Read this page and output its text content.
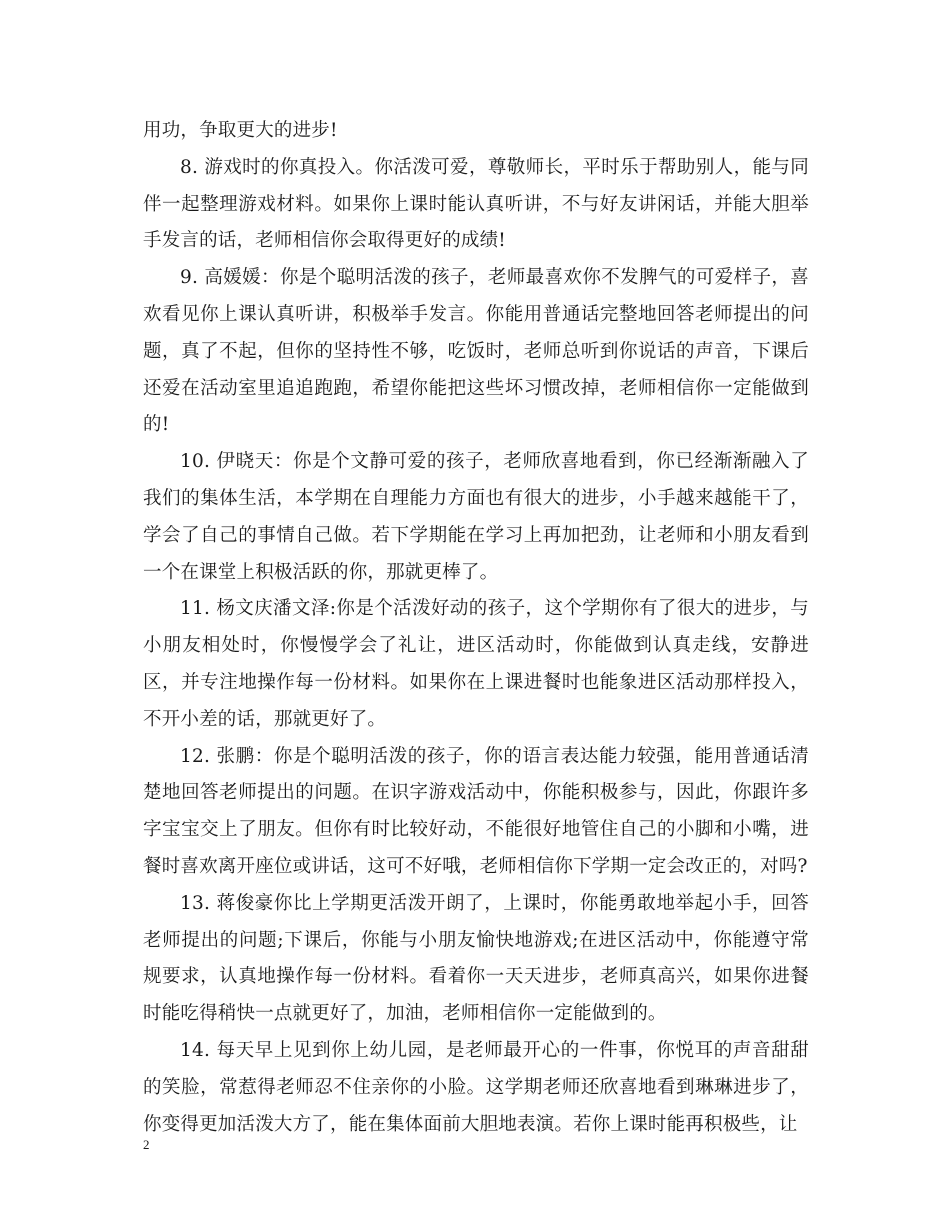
用功，争取更大的进步!

8. 游戏时的你真投入。你活泼可爱，尊敬师长，平时乐于帮助别人，能与同伴一起整理游戏材料。如果你上课时能认真听讲，不与好友讲闲话，并能大胆举手发言的话，老师相信你会取得更好的成绩!

9. 高媛媛：你是个聪明活泼的孩子，老师最喜欢你不发脾气的可爱样子，喜欢看见你上课认真听讲，积极举手发言。你能用普通话完整地回答老师提出的问题，真了不起，但你的坚持性不够，吃饭时，老师总听到你说话的声音，下课后还爱在活动室里追追跑跑，希望你能把这些坏习惯改掉，老师相信你一定能做到的!

10. 伊晓天：你是个文静可爱的孩子，老师欣喜地看到，你已经渐渐融入了我们的集体生活，本学期在自理能力方面也有很大的进步，小手越来越能干了，学会了自己的事情自己做。若下学期能在学习上再加把劲，让老师和小朋友看到一个在课堂上积极活跃的你，那就更棒了。

11. 杨文庆潘文泽:你是个活泼好动的孩子，这个学期你有了很大的进步，与小朋友相处时，你慢慢学会了礼让，进区活动时，你能做到认真走线，安静进区，并专注地操作每一份材料。如果你在上课进餐时也能象进区活动那样投入，不开小差的话，那就更好了。

12. 张鹏：你是个聪明活泼的孩子，你的语言表达能力较强，能用普通话清楚地回答老师提出的问题。在识字游戏活动中，你能积极参与，因此，你跟许多字宝宝交上了朋友。但你有时比较好动，不能很好地管住自己的小脚和小嘴，进餐时喜欢离开座位或讲话，这可不好哦，老师相信你下学期一定会改正的，对吗?

13. 蒋俊豪你比上学期更活泼开朗了，上课时，你能勇敢地举起小手，回答老师提出的问题;下课后，你能与小朋友愉快地游戏;在进区活动中，你能遵守常规要求，认真地操作每一份材料。看着你一天天进步，老师真高兴，如果你进餐时能吃得稍快一点就更好了，加油，老师相信你一定能做到的。

14. 每天早上见到你上幼儿园，是老师最开心的一件事，你悦耳的声音甜甜的笑脸，常惹得老师忍不住亲你的小脸。这学期老师还欣喜地看到琳琳进步了，你变得更加活泼大方了，能在集体面前大胆地表演。若你上课时能再积极些，让

2
